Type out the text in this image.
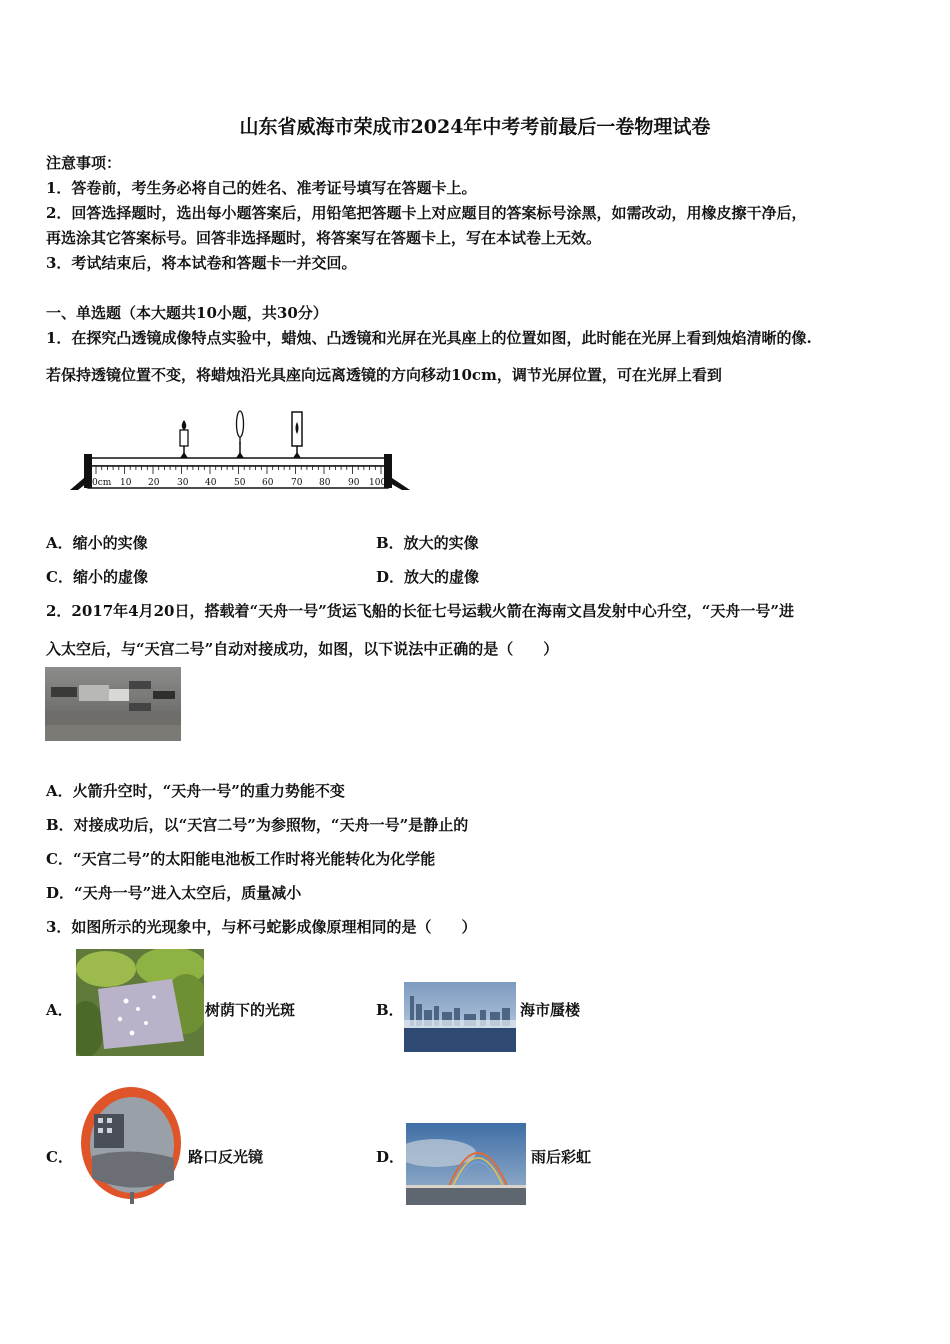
山东省威海市荣成市2024年中考考前最后一卷物理试卷
注意事项：
1．答卷前，考生务必将自己的姓名、准考证号填写在答题卡上。
2．回答选择题时，选出每小题答案后，用铅笔把答题卡上对应题目的答案标号涂黑，如需改动，用橡皮擦干净后，
再选涂其它答案标号。回答非选择题时，将答案写在答题卡上，写在本试卷上无效。
3．考试结束后，将本试卷和答题卡一并交回。
一、单选题（本大题共10小题，共30分）
1．在探究凸透镜成像特点实验中，蜡烛、凸透镜和光屏在光具座上的位置如图，此时能在光屏上看到烛焰清晰的像.
若保持透镜位置不变，将蜡烛沿光具座向远离透镜的方向移动10cm，调节光屏位置，可在光屏上看到
0cm 10 20 30 40 50 60 70 80 90 100
A．缩小的实像	B．放大的实像
C．缩小的虚像	D．放大的虚像
2．2017年4月20日，搭载着“天舟一号”货运飞船的长征七号运载火箭在海南文昌发射中心升空，“天舟一号”进
入太空后，与“天宫二号”自动对接成功，如图，以下说法中正确的是（　　）
A．火箭升空时，“天舟一号”的重力势能不变
B．对接成功后，以“天宫二号”为参照物，“天舟一号”是静止的
C．“天宫二号”的太阳能电池板工作时将光能转化为化学能
D．“天舟一号”进入太空后，质量减小
3．如图所示的光现象中，与杯弓蛇影成像原理相同的是（　　）
A．	树荫下的光斑	B．	海市蜃楼
C．	路口反光镜	D．	雨后彩虹
